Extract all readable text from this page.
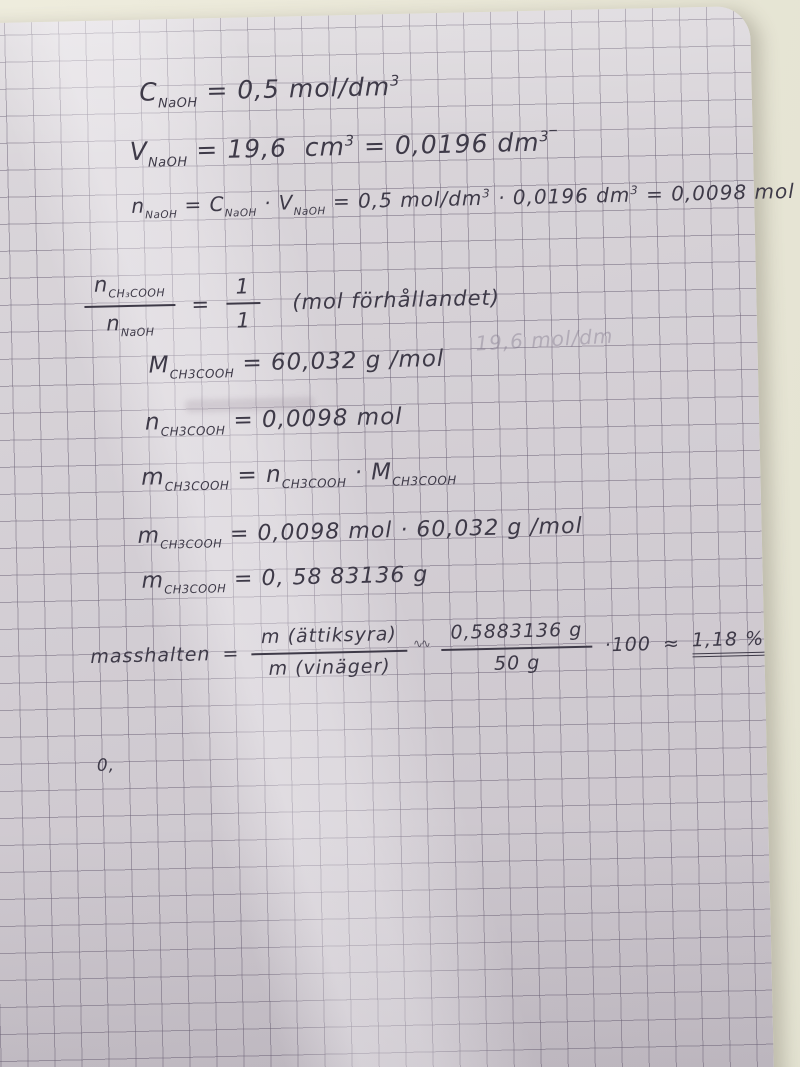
$C_{NaOH} = 0,5$ mol/$dm^3$

$V_{NaOH} = 19,6$  $cm^3 = 0,0196$ $dm^{3‾}$

$n_{NaOH} = C_{NaOH} \cdot V_{NaOH} = 0,5$ mol/$dm^3 \cdot 0,0196$ $dm^3 = 0,0098$ mol

$\frac{n_{CH_3COOH}}{n_{NaOH}} = \frac{1}{1} (mol$ förhållandet)

$M_{CH3COOH} = 60,032$ g /mol

19,6 mol/dm

$n_{CH3COOH} = 0,0098$ mol

$m_{CH3COOH} = n_{CH3COOH} \cdot M_{CH3COOH}$

$m_{CH3COOH} = 0,0098$ mol · 60,032 g /mol

$m_{CH3COOH} = 0$, 58 83136 g

masshalten = $\frac{\text{m (ättiksyra)}}{\text{m (vinäger)}}$ ∿∿ $\frac{0,5883136 g}{50 g} \cdot 100 \approx 1,18$ %

0,
